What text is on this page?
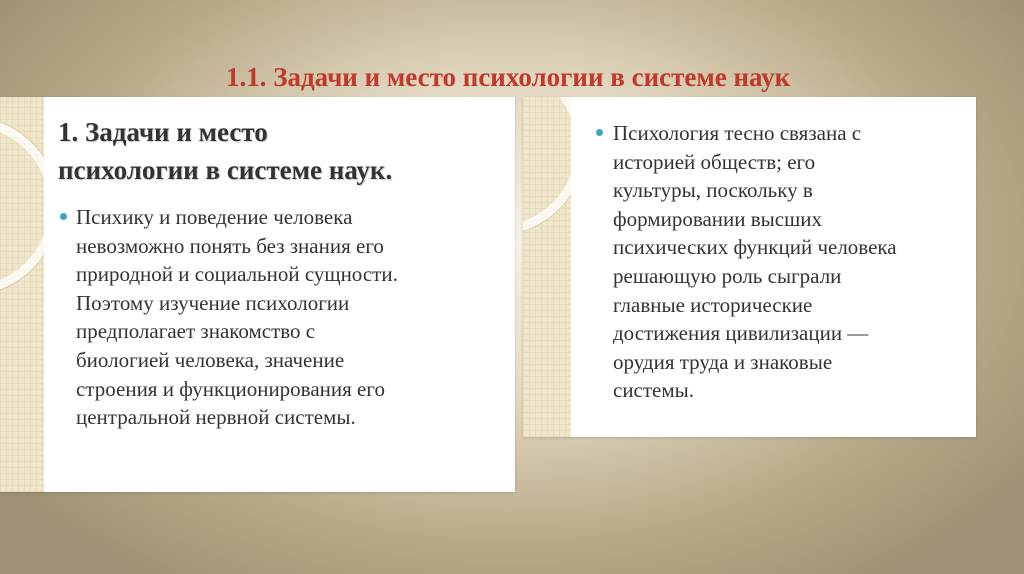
1.1. Задачи и место психологии в системе наук
1. Задачи и место
психологии в системе наук.
Психику и поведение человека
невозможно понять без знания его
природной и социальной сущности.
Поэтому изучение психологии
предполагает знакомство с
биологией человека, значение
строения и функционирования его
центральной нервной системы.
Психология тесно связана с
историей обществ; его
культуры, поскольку в
формировании высших
психических функций человека
решающую роль сыграли
главные исторические
достижения цивилизации —
орудия труда и знаковые
системы.
